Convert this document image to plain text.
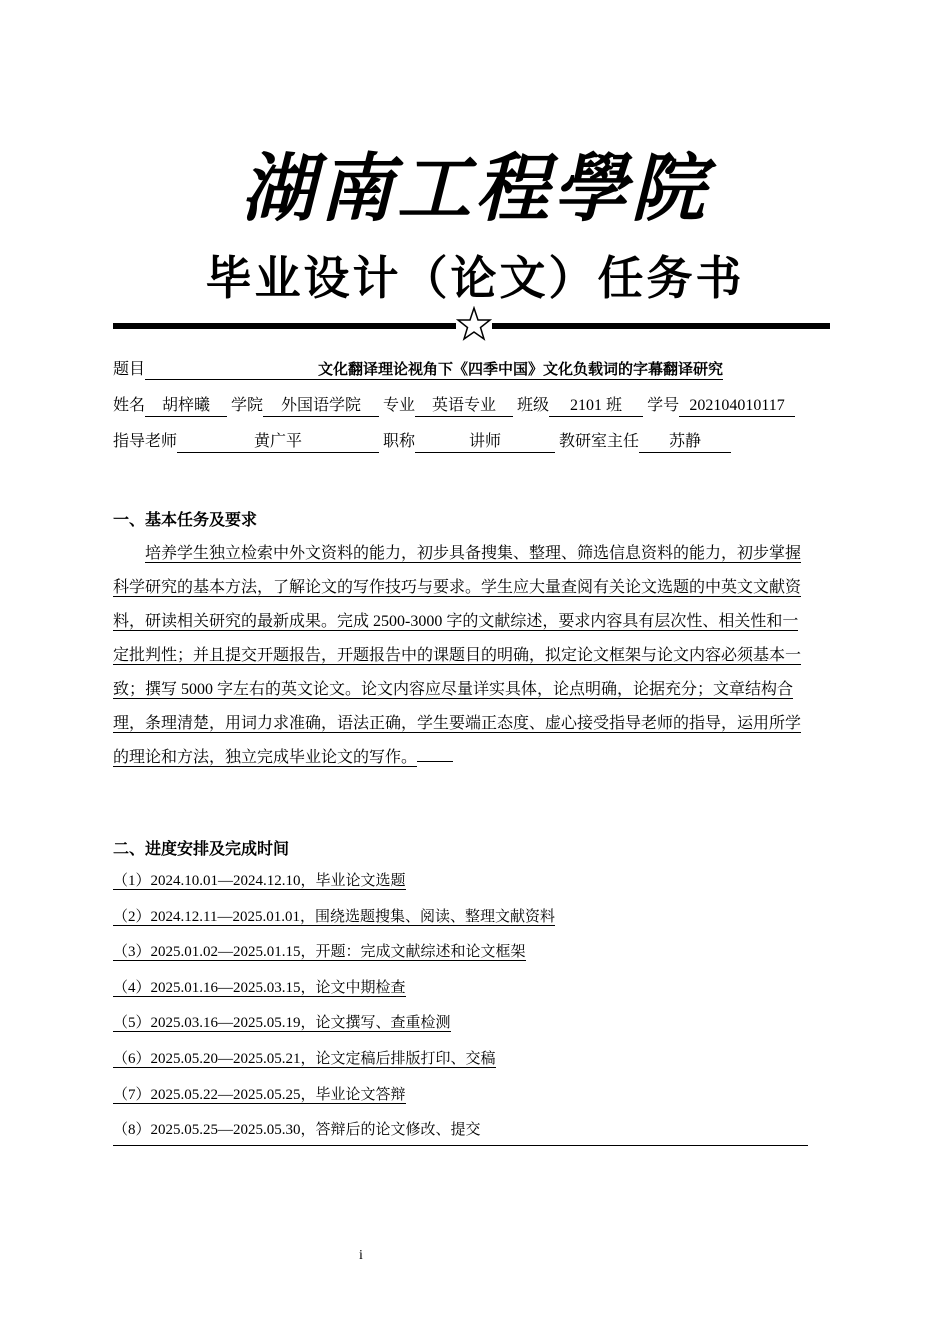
湖南工程學院
毕业设计（论文）任务书
题目	文化翻译理论视角下《四季中国》文化负载词的字幕翻译研究
姓名 胡梓曦 学院 外国语学院 专业 英语专业 班级 2101 班 学号 202104010117
指导老师	黄广平	职称	讲师	教研室主任 苏静
一、基本任务及要求
培养学生独立检索中外文资料的能力，初步具备搜集、整理、筛选信息资料的能力，初步掌握
科学研究的基本方法，了解论文的写作技巧与要求。学生应大量查阅有关论文选题的中英文文献资
料，研读相关研究的最新成果。完成 2500-3000 字的文献综述，要求内容具有层次性、相关性和一
定批判性；并且提交开题报告，开题报告中的课题目的明确，拟定论文框架与论文内容必须基本一
致；撰写 5000 字左右的英文论文。论文内容应尽量详实具体，论点明确，论据充分；文章结构合
理，条理清楚，用词力求准确，语法正确，学生要端正态度、虚心接受指导老师的指导，运用所学
的理论和方法，独立完成毕业论文的写作。
二、进度安排及完成时间
（1）2024.10.01—2024.12.10，毕业论文选题
（2）2024.12.11—2025.01.01，围绕选题搜集、阅读、整理文献资料
（3）2025.01.02—2025.01.15，开题：完成文献综述和论文框架
（4）2025.01.16—2025.03.15，论文中期检查
（5）2025.03.16—2025.05.19，论文撰写、查重检测
（6）2025.05.20—2025.05.21，论文定稿后排版打印、交稿
（7）2025.05.22—2025.05.25，毕业论文答辩
（8）2025.05.25—2025.05.30，答辩后的论文修改、提交
i
